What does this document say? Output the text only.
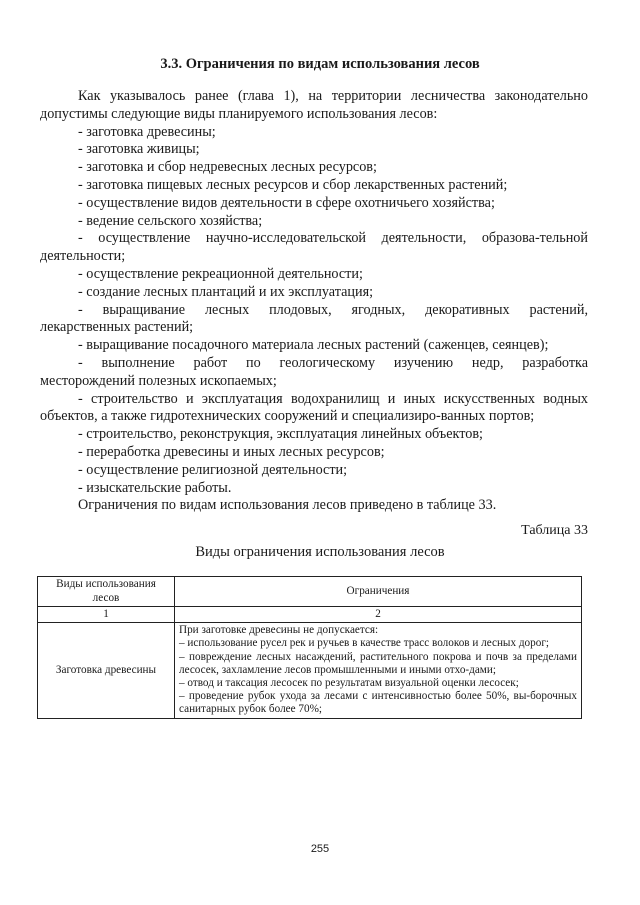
3.3. Ограничения по видам использования лесов
Как указывалось ранее (глава 1), на территории лесничества законодательно
допустимы следующие виды планируемого использования лесов:
- заготовка древесины;
- заготовка живицы;
- заготовка и сбор недревесных лесных ресурсов;
- заготовка пищевых лесных ресурсов и сбор лекарственных растений;
- осуществление видов деятельности в сфере охотничьего хозяйства;
- ведение сельского хозяйства;
- осуществление научно-исследовательской деятельности, образова-тельной
деятельности;
- осуществление рекреационной деятельности;
- создание лесных плантаций и их эксплуатация;
- выращивание лесных плодовых, ягодных, декоративных растений,
лекарственных растений;
- выращивание посадочного материала лесных растений (саженцев, сеянцев);
- выполнение работ по геологическому изучению недр, разработка
месторождений полезных ископаемых;
- строительство и эксплуатация водохранилищ и иных искусственных водных
объектов, а также гидротехнических сооружений и специализиро-ванных портов;
- строительство, реконструкция, эксплуатация линейных объектов;
- переработка древесины и иных лесных ресурсов;
- осуществление религиозной деятельности;
- изыскательские работы.
Ограничения по видам использования лесов приведено в таблице 33.
Таблица 33
Виды ограничения использования лесов
Виды использования лесов	Ограничения
1	2
Заготовка древесины	При заготовке древесины не допускается:
– использование русел рек и ручьев в качестве трасс волоков и лесных дорог;
– повреждение лесных насаждений, растительного покрова и почв за пределами лесосек, захламление лесов промышленными и иными отхо-дами;
– отвод и таксация лесосек по результатам визуальной оценки лесосек;
– проведение рубок ухода за лесами с интенсивностью более 50%, вы-борочных санитарных рубок более 70%;
255
